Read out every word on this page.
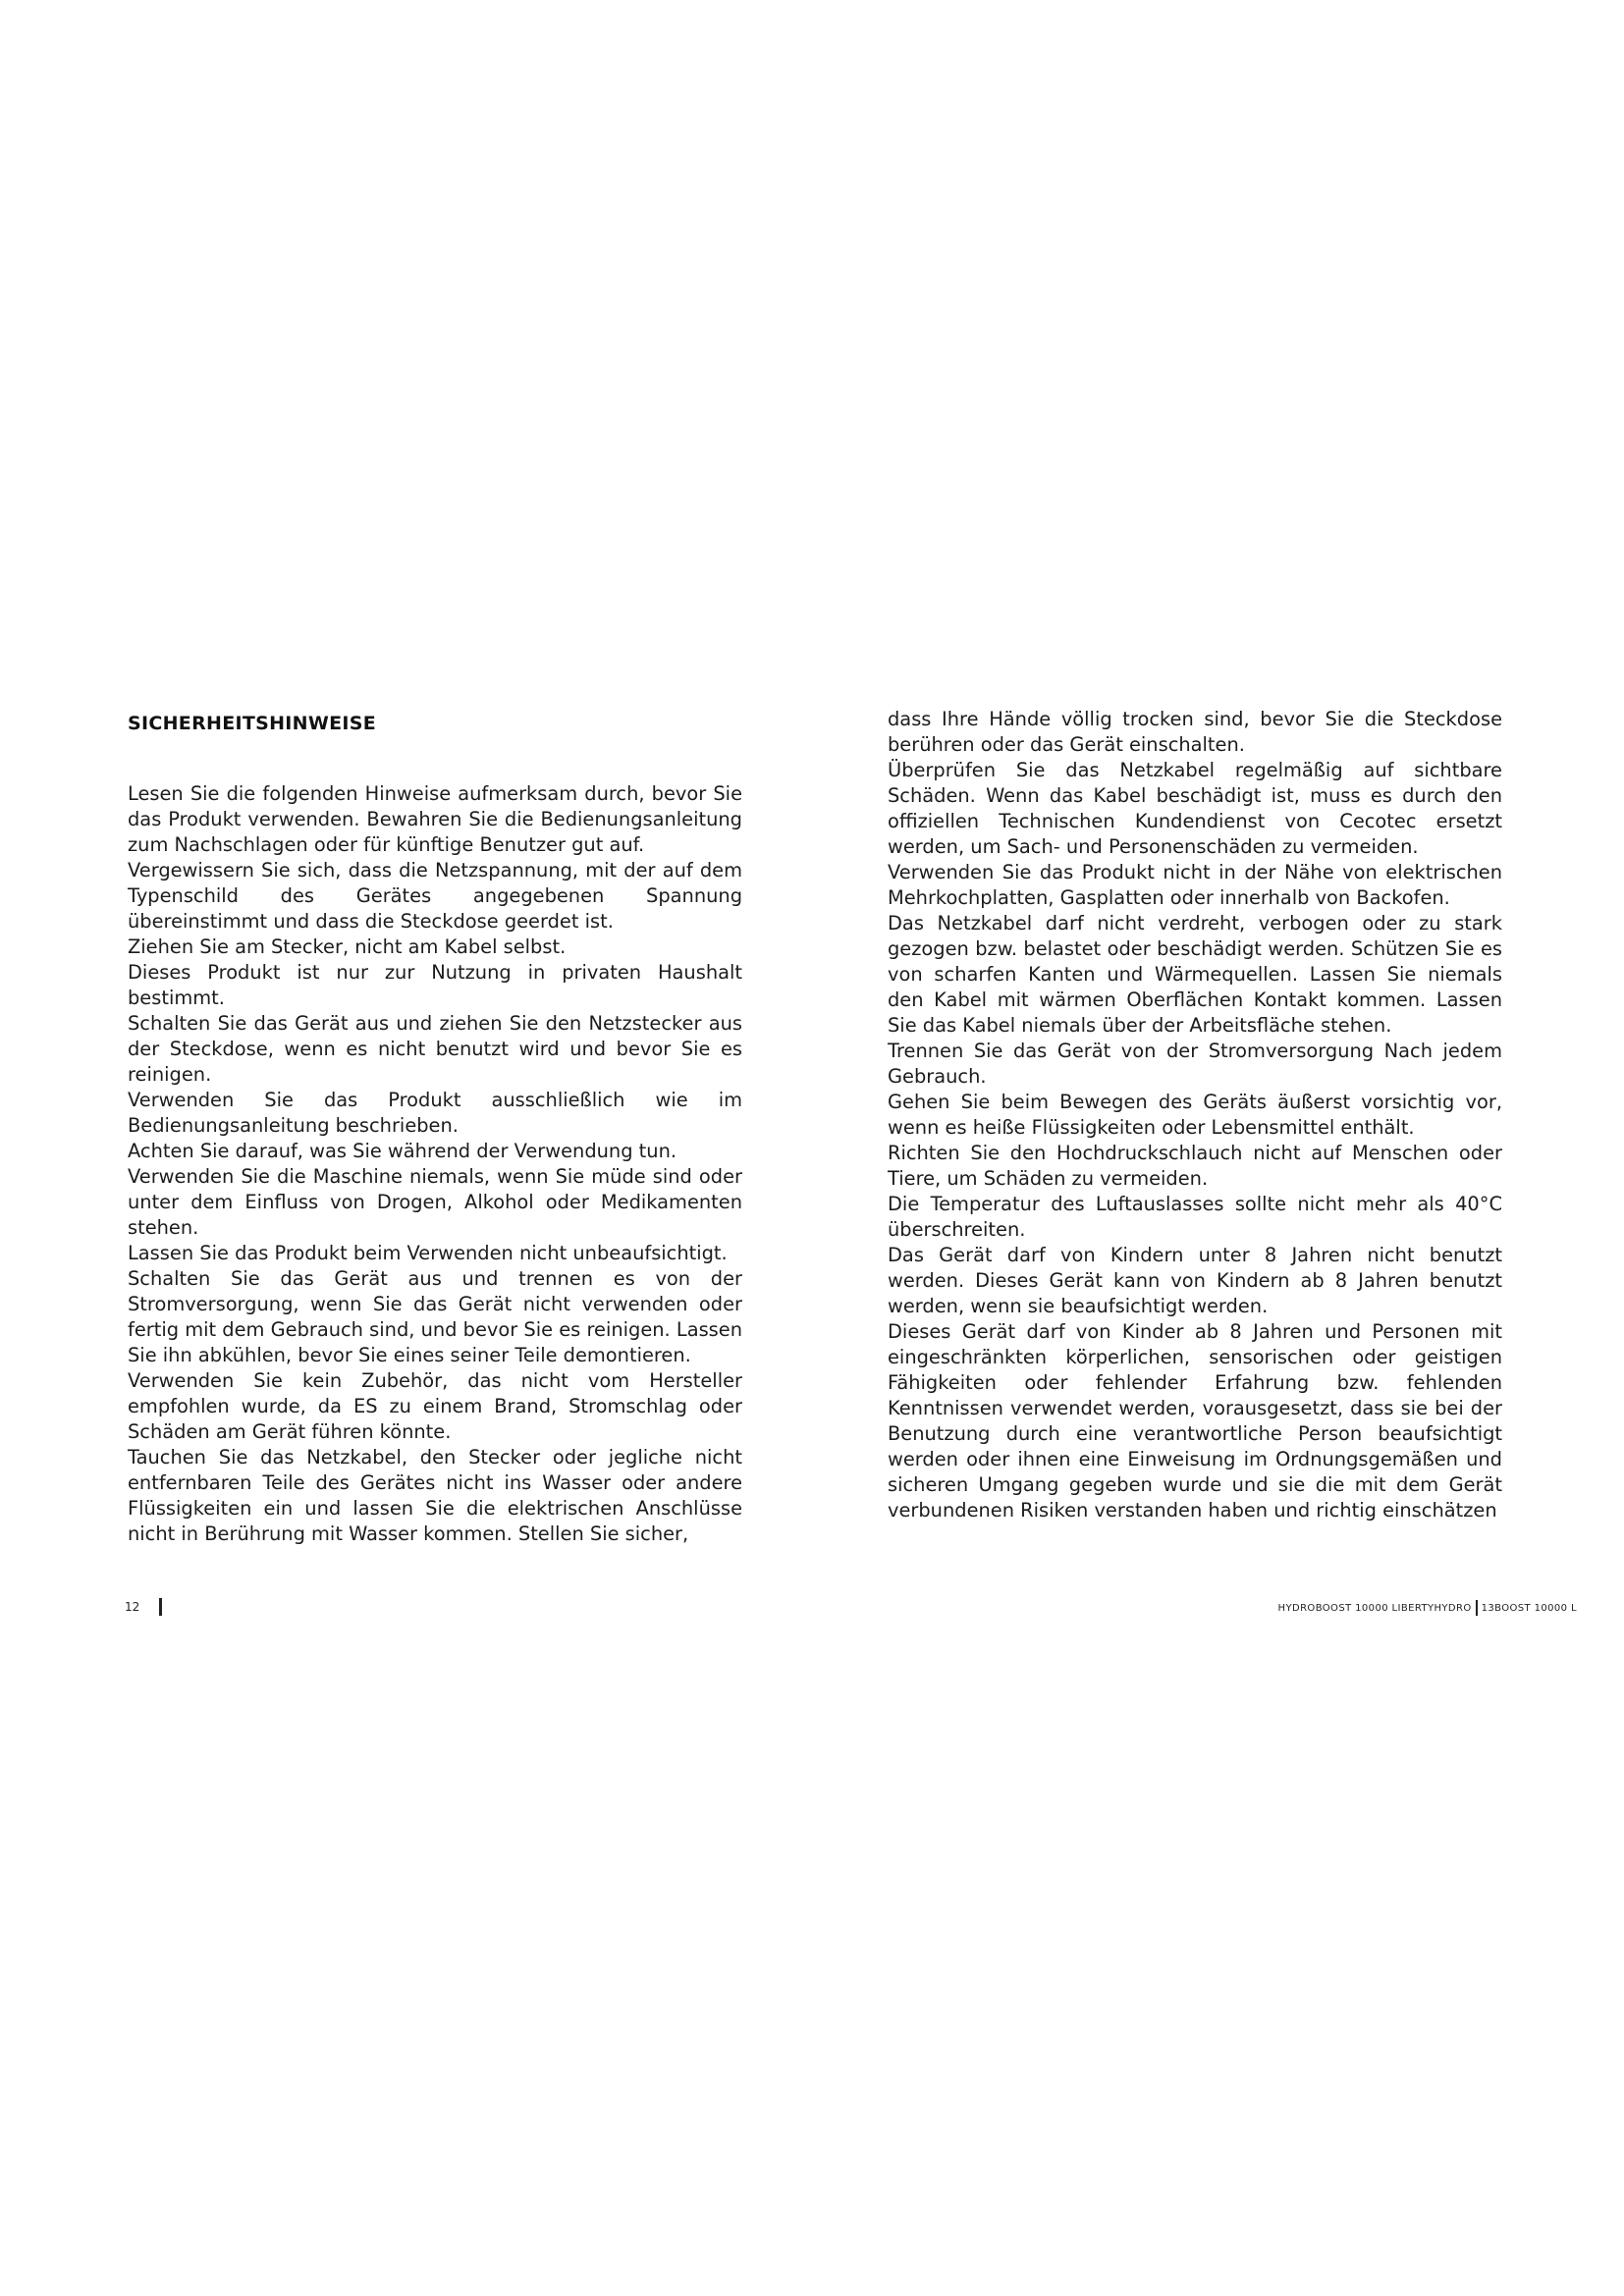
SICHERHEITSHINWEISE

Lesen Sie die folgenden Hinweise aufmerksam durch, bevor Sie das Produkt verwenden. Bewahren Sie die Bedienungsanleitung zum Nachschlagen oder für künftige Benutzer gut auf.

Vergewissern Sie sich, dass die Netzspannung, mit der auf dem Typenschild des Gerätes angegebenen Spannung übereinstimmt und dass die Steckdose geerdet ist.

Ziehen Sie am Stecker, nicht am Kabel selbst.

Dieses Produkt ist nur zur Nutzung in privaten Haushalt bestimmt.

Schalten Sie das Gerät aus und ziehen Sie den Netzstecker aus der Steckdose, wenn es nicht benutzt wird und bevor Sie es reinigen.

Verwenden Sie das Produkt ausschließlich wie im Bedienungsanleitung beschrieben.

Achten Sie darauf, was Sie während der Verwendung tun.

Verwenden Sie die Maschine niemals, wenn Sie müde sind oder unter dem Einfluss von Drogen, Alkohol oder Medikamenten stehen.

Lassen Sie das Produkt beim Verwenden nicht unbeaufsichtigt.

Schalten Sie das Gerät aus und trennen es von der Stromversorgung, wenn Sie das Gerät nicht verwenden oder fertig mit dem Gebrauch sind, und bevor Sie es reinigen. Lassen Sie ihn abkühlen, bevor Sie eines seiner Teile demontieren.

Verwenden Sie kein Zubehör, das nicht vom Hersteller empfohlen wurde, da ES zu einem Brand, Stromschlag oder Schäden am Gerät führen könnte.

Tauchen Sie das Netzkabel, den Stecker oder jegliche nicht entfernbaren Teile des Gerätes nicht ins Wasser oder andere Flüssigkeiten ein und lassen Sie die elektrischen Anschlüsse nicht in Berührung mit Wasser kommen. Stellen Sie sicher,

dass Ihre Hände völlig trocken sind, bevor Sie die Steckdose berühren oder das Gerät einschalten.

Überprüfen Sie das Netzkabel regelmäßig auf sichtbare Schäden. Wenn das Kabel beschädigt ist, muss es durch den offiziellen Technischen Kundendienst von Cecotec ersetzt werden, um Sach- und Personenschäden zu vermeiden.

Verwenden Sie das Produkt nicht in der Nähe von elektrischen Mehrkochplatten, Gasplatten oder innerhalb von Backofen.

Das Netzkabel darf nicht verdreht, verbogen oder zu stark gezogen bzw. belastet oder beschädigt werden. Schützen Sie es von scharfen Kanten und Wärmequellen. Lassen Sie niemals den Kabel mit wärmen Oberflächen Kontakt kommen. Lassen Sie das Kabel niemals über der Arbeitsfläche stehen.

Trennen Sie das Gerät von der Stromversorgung Nach jedem Gebrauch.

Gehen Sie beim Bewegen des Geräts äußerst vorsichtig vor, wenn es heiße Flüssigkeiten oder Lebensmittel enthält.

Richten Sie den Hochdruckschlauch nicht auf Menschen oder Tiere, um Schäden zu vermeiden.

Die Temperatur des Luftauslasses sollte nicht mehr als 40°C überschreiten.

Das Gerät darf von Kindern unter 8 Jahren nicht benutzt werden. Dieses Gerät kann von Kindern ab 8 Jahren benutzt werden, wenn sie beaufsichtigt werden.

Dieses Gerät darf von Kinder ab 8 Jahren und Personen mit eingeschränkten körperlichen, sensorischen oder geistigen Fähigkeiten oder fehlender Erfahrung bzw. fehlenden Kenntnissen verwendet werden, vorausgesetzt, dass sie bei der Benutzung durch eine verantwortliche Person beaufsichtigt werden oder ihnen eine Einweisung im Ordnungsgemäßen und sicheren Umgang gegeben wurde und sie die mit dem Gerät verbundenen Risiken verstanden haben und richtig einschätzen

12	HYDROBOOST 10000 LIBERTY HYDRO 13 BOOST 10000 L
